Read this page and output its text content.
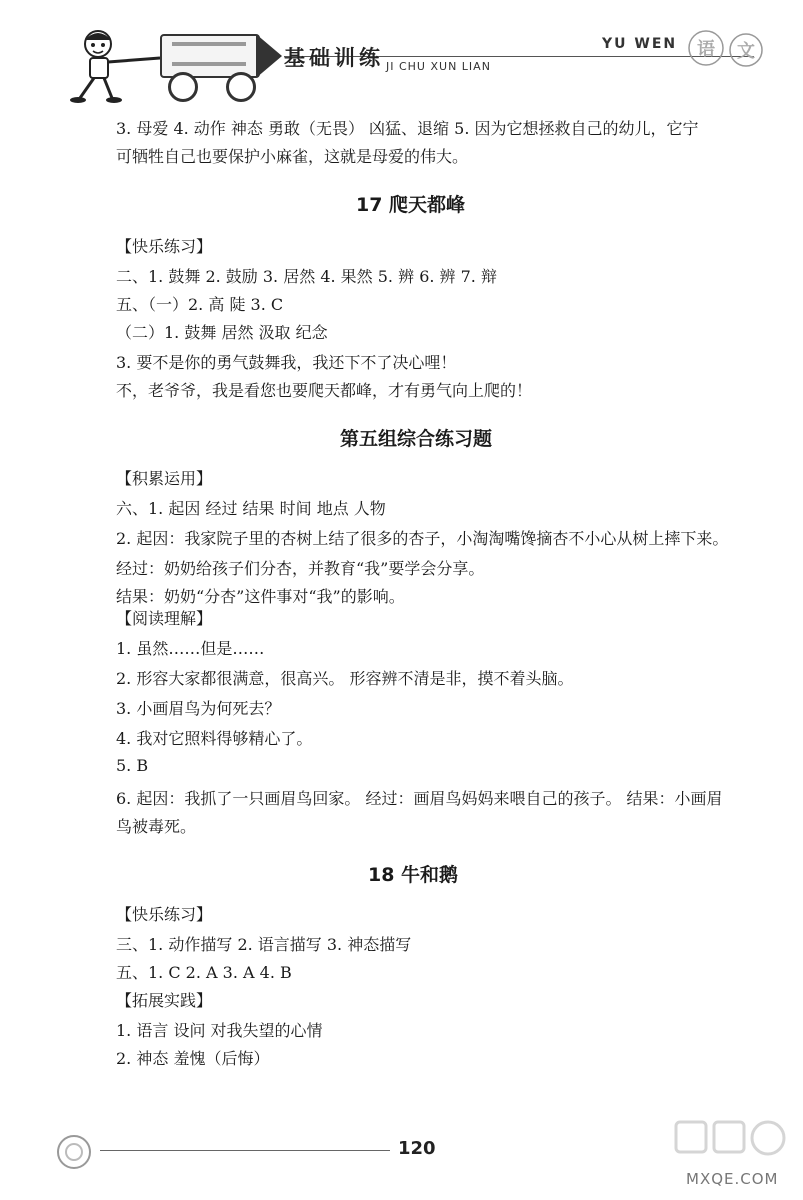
基础训练 JI CHU XUN LIAN
YU WEN 语 文
3. 母爱 4. 动作 神态 勇敢（无畏） 凶猛、退缩 5. 因为它想拯救自己的幼儿，它宁
可牺牲自己也要保护小麻雀，这就是母爱的伟大。
17 爬天都峰
【快乐练习】
二、1. 鼓舞 2. 鼓励 3. 居然 4. 果然 5. 辨 6. 辨 7. 辩
五、（一）2. 高 陡 3. C
（二）1. 鼓舞 居然 汲取 纪念
3. 要不是你的勇气鼓舞我，我还下不了决心哩！
不，老爷爷，我是看您也要爬天都峰，才有勇气向上爬的！
第五组综合练习题
【积累运用】
六、1. 起因 经过 结果 时间 地点 人物
2. 起因：我家院子里的杏树上结了很多的杏子，小淘淘嘴馋摘杏不小心从树上摔下来。
经过：奶奶给孩子们分杏，并教育“我”要学会分享。
结果：奶奶“分杏”这件事对“我”的影响。
【阅读理解】
1. 虽然……但是……
2. 形容大家都很满意，很高兴。 形容辨不清是非，摸不着头脑。
3. 小画眉鸟为何死去？
4. 我对它照料得够精心了。
5. B
6. 起因：我抓了一只画眉鸟回家。 经过：画眉鸟妈妈来喂自己的孩子。 结果：小画眉
鸟被毒死。
18 牛和鹅
【快乐练习】
三、1. 动作描写 2. 语言描写 3. 神态描写
五、1. C 2. A 3. A 4. B
【拓展实践】
1. 语言 设问 对我失望的心情
2. 神态 羞愧（后悔）
120
MXQE.COM
